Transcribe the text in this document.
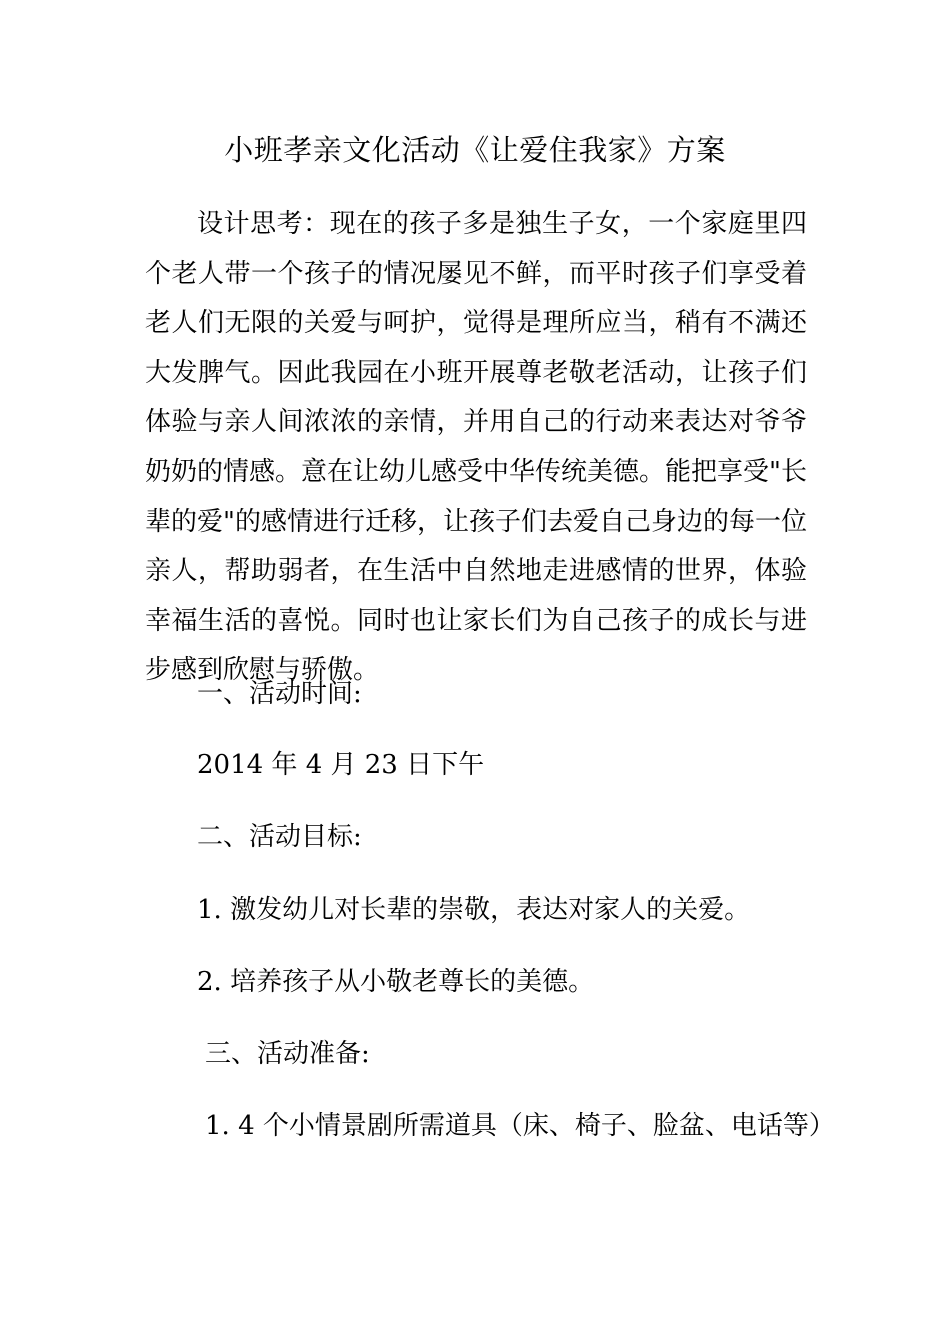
小班孝亲文化活动《让爱住我家》方案

设计思考：现在的孩子多是独生子女，一个家庭里四个老人带一个孩子的情况屡见不鲜，而平时孩子们享受着老人们无限的关爱与呵护，觉得是理所应当，稍有不满还大发脾气。因此我园在小班开展尊老敬老活动，让孩子们体验与亲人间浓浓的亲情，并用自己的行动来表达对爷爷奶奶的情感。意在让幼儿感受中华传统美德。能把享受"长辈的爱"的感情进行迁移，让孩子们去爱自己身边的每一位亲人，帮助弱者，在生活中自然地走进感情的世界，体验幸福生活的喜悦。同时也让家长们为自己孩子的成长与进步感到欣慰与骄傲。

一、活动时间:

2014 年 4 月 23 日下午

二、活动目标:

1. 激发幼儿对长辈的崇敬，表达对家人的关爱。

2. 培养孩子从小敬老尊长的美德。

三、活动准备:

1. 4 个小情景剧所需道具（床、椅子、脸盆、电话等）
